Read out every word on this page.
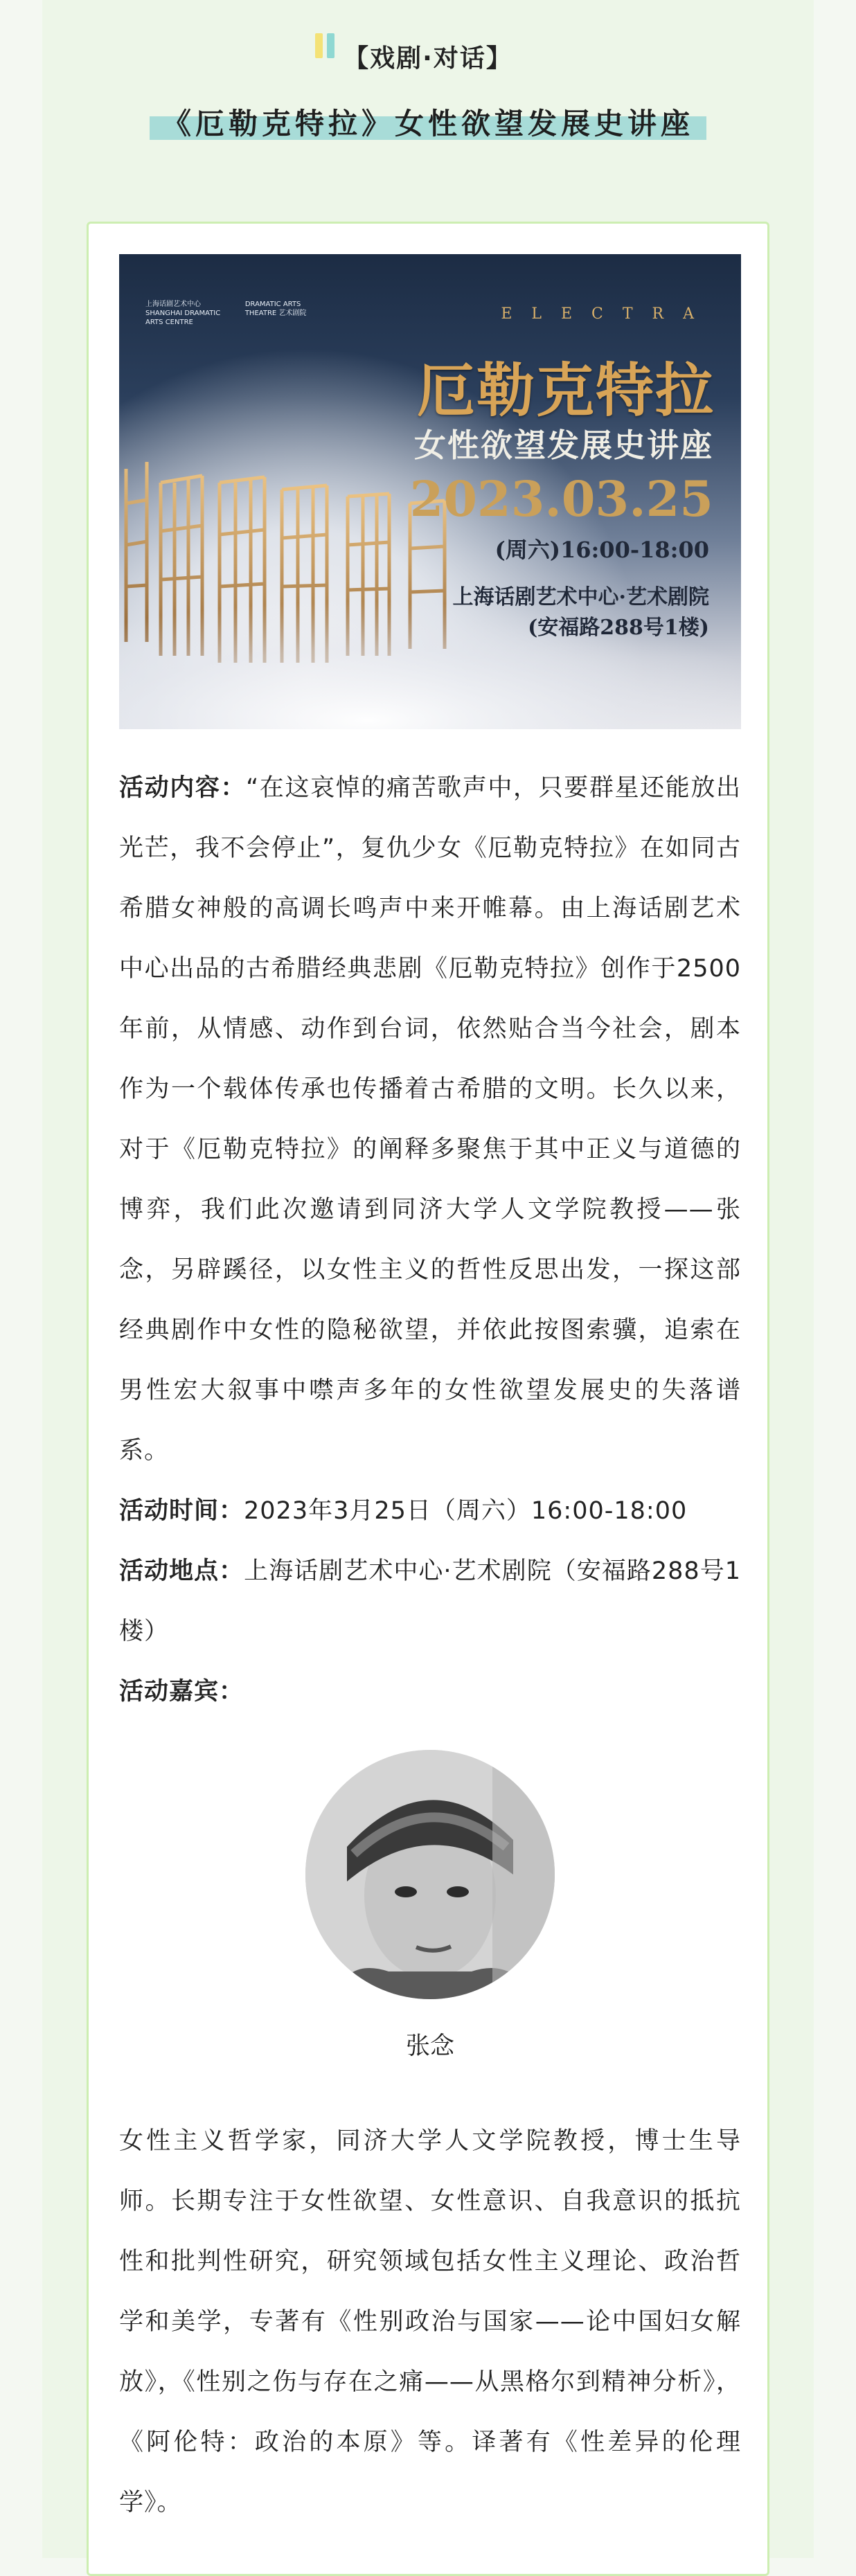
【戏剧·对话】
《厄勒克特拉》女性欲望发展史讲座
上海话剧艺术中心 SHANGHAI DRAMATIC ARTS CENTRE DRAMATIC ARTS THEATRE 艺术剧院	ELECTRA
厄勒克特拉
女性欲望发展史讲座
2023.03.25
(周六)16:00-18:00
上海话剧艺术中心·艺术剧院
(安福路288号1楼)

活动内容：“在这哀悼的痛苦歌声中，只要群星还能放出光芒，我不会停止”，复仇少女《厄勒克特拉》在如同古希腊女神般的高调长鸣声中来开帷幕。由上海话剧艺术中心出品的古希腊经典悲剧《厄勒克特拉》创作于2500年前，从情感、动作到台词，依然贴合当今社会，剧本作为一个载体传承也传播着古希腊的文明。长久以来，对于《厄勒克特拉》的阐释多聚焦于其中正义与道德的博弈，我们此次邀请到同济大学人文学院教授——张念，另辟蹊径，以女性主义的哲性反思出发，一探这部经典剧作中女性的隐秘欲望，并依此按图索骥，追索在男性宏大叙事中噤声多年的女性欲望发展史的失落谱系。

活动时间：2023年3月25日（周六）16:00-18:00

活动地点：上海话剧艺术中心·艺术剧院（安福路288号1楼）

活动嘉宾：

张念

女性主义哲学家，同济大学人文学院教授，博士生导师。长期专注于女性欲望、女性意识、自我意识的抵抗性和批判性研究，研究领域包括女性主义理论、政治哲学和美学，专著有《性别政治与国家——论中国妇女解放》，《性别之伤与存在之痛——从黑格尔到精神分析》，《阿伦特：政治的本原》等。译著有《性差异的伦理学》。
